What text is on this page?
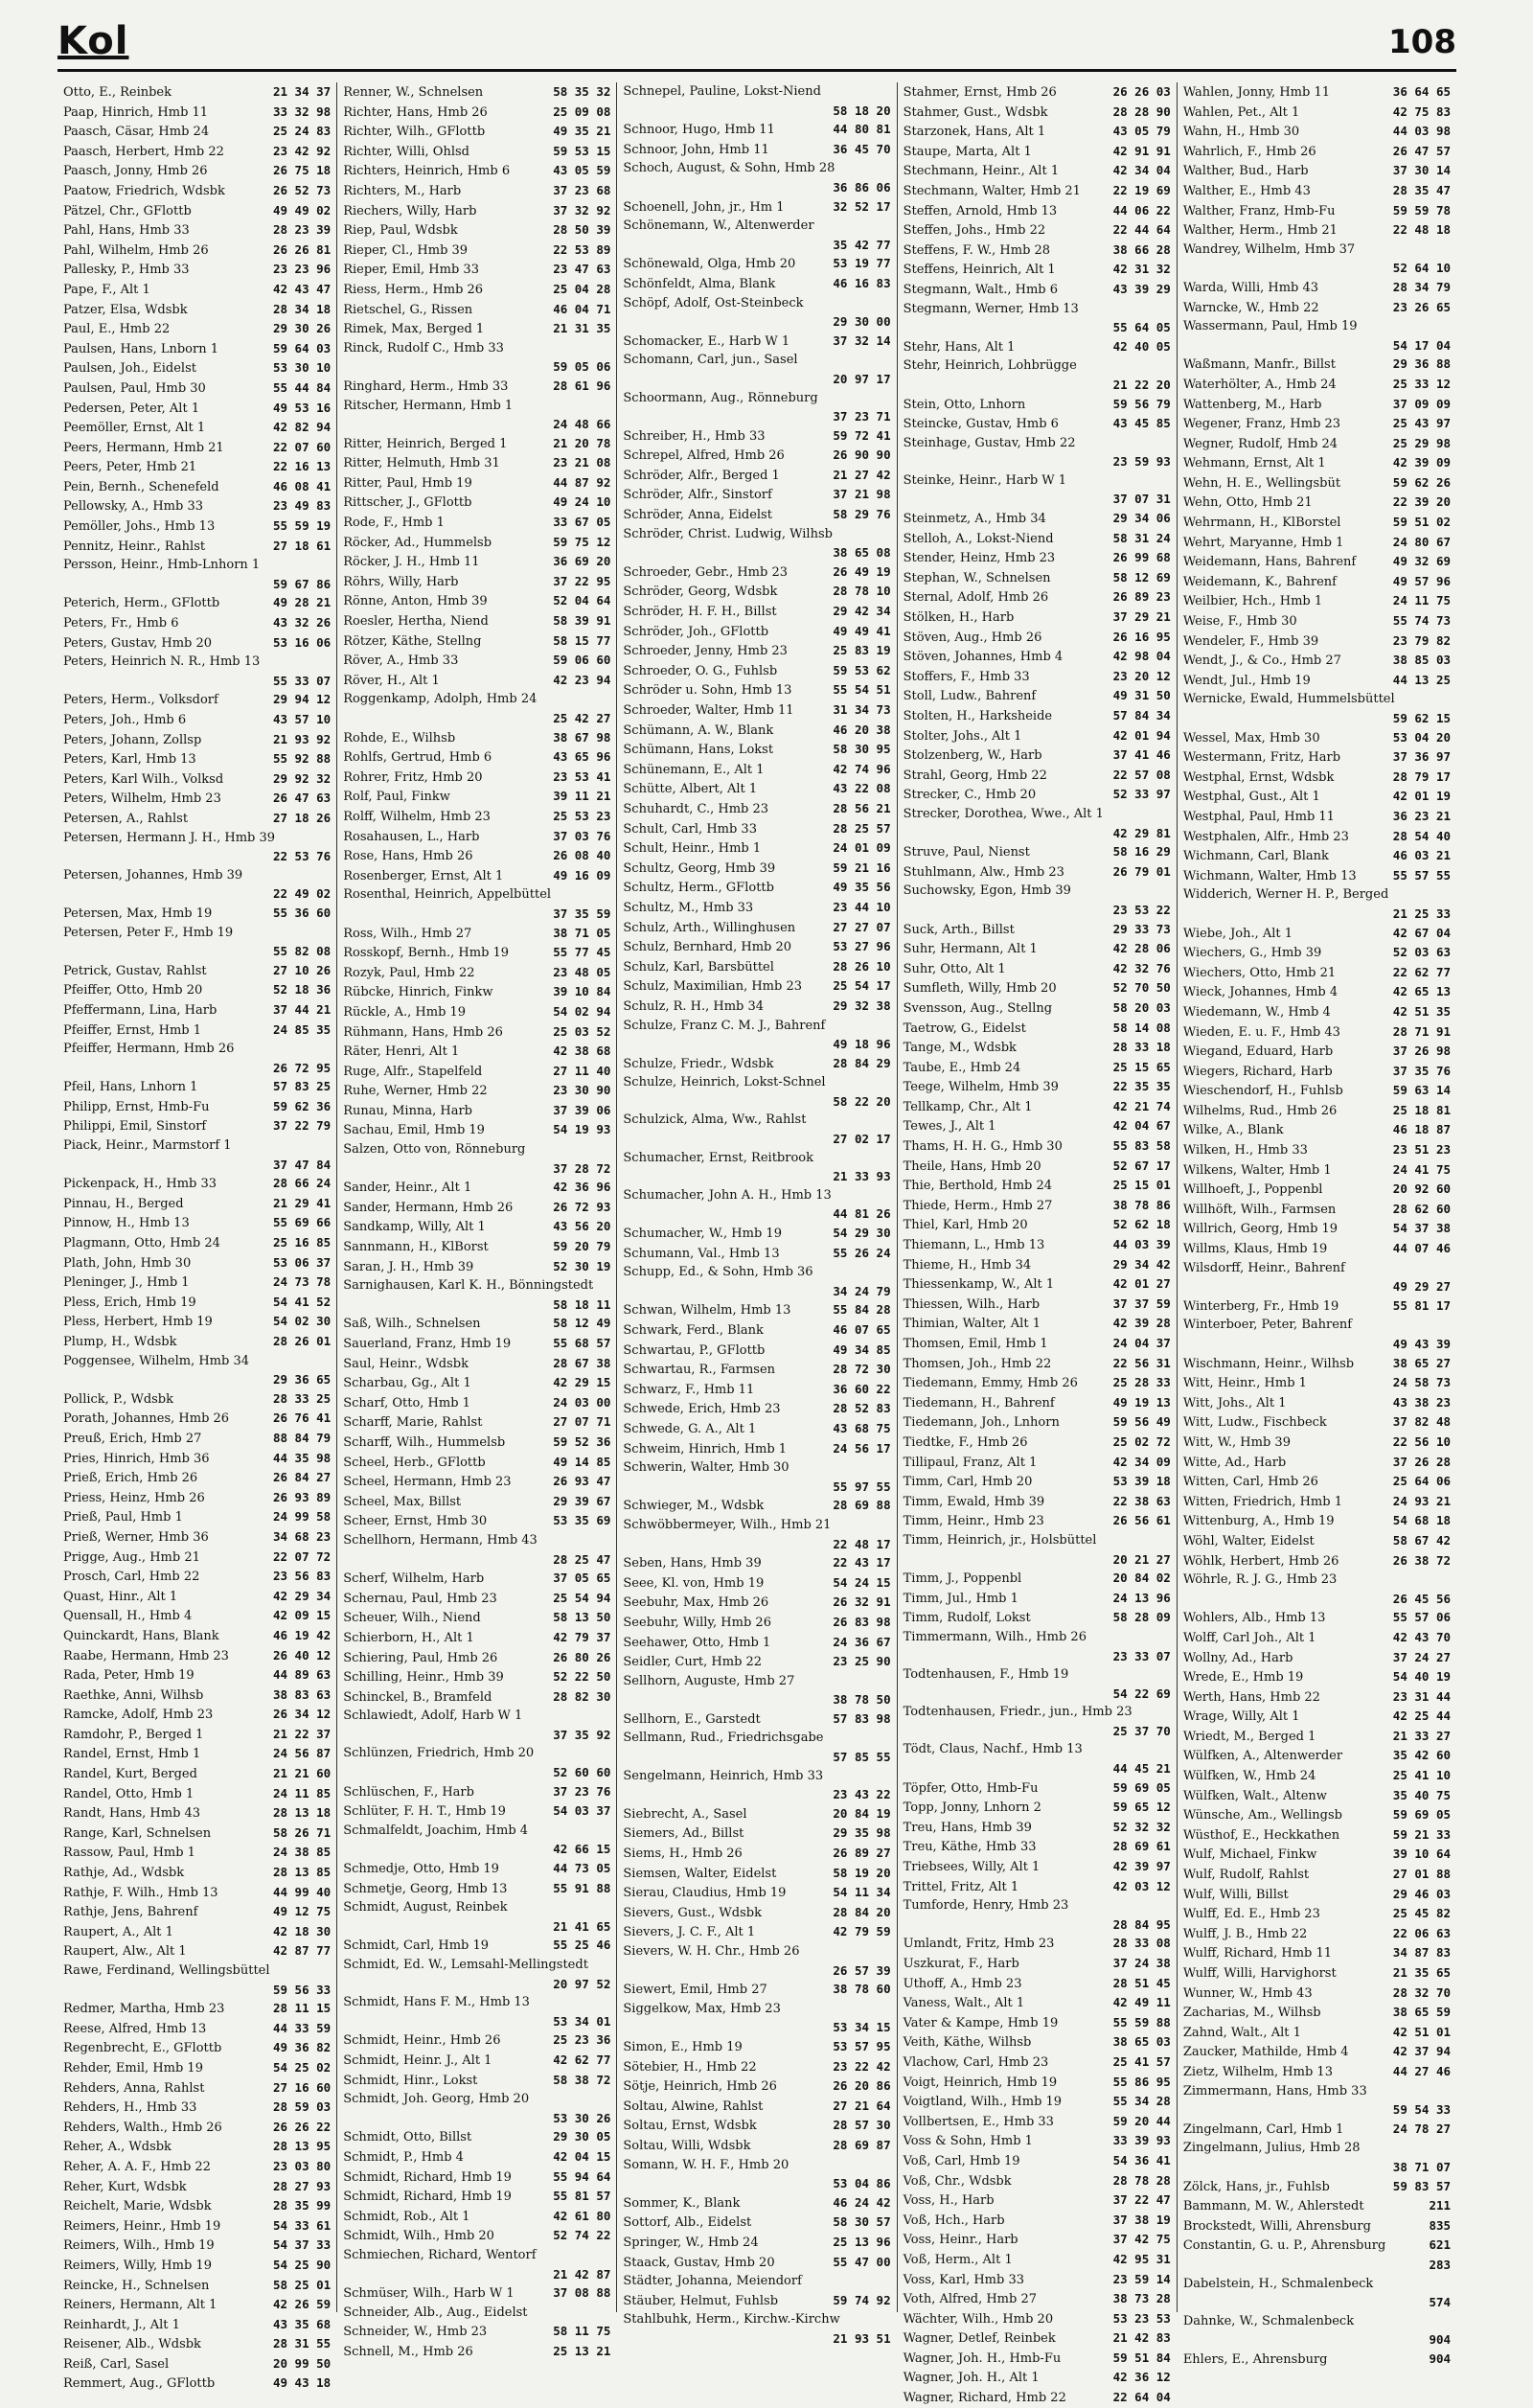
Kol	108
Otto, E., Reinbek	21 34 37
Paap, Hinrich, Hmb 11	33 32 98
Paasch, Cäsar, Hmb 24	25 24 83
Paasch, Herbert, Hmb 22	23 42 92
Paasch, Jonny, Hmb 26	26 75 18
Paatow, Friedrich, Wdsbk	26 52 73
Pätzel, Chr., GFlottb	49 49 02
Pahl, Hans, Hmb 33	28 23 39
Pahl, Wilhelm, Hmb 26	26 26 81
Pallesky, P., Hmb 33	23 23 96
Pape, F., Alt 1	42 43 47
Patzer, Elsa, Wdsbk	28 34 18
Paul, E., Hmb 22	29 30 26
Paulsen, Hans, Lnborn 1	59 64 03
Paulsen, Joh., Eidelst	53 30 10
Paulsen, Paul, Hmb 30	55 44 84
Pedersen, Peter, Alt 1	49 53 16
Peemöller, Ernst, Alt 1	42 82 94
Peers, Hermann, Hmb 21	22 07 60
Peers, Peter, Hmb 21	22 16 13
Pein, Bernh., Schenefeld	46 08 41
Pellowsky, A., Hmb 33	23 49 83
Pemöller, Johs., Hmb 13	55 59 19
Pennitz, Heinr., Rahlst	27 18 61
Persson, Heinr., Hmb-Lnhorn 1
59 67 86
Peterich, Herm., GFlottb	49 28 21
Peters, Fr., Hmb 6	43 32 26
Peters, Gustav, Hmb 20	53 16 06
Peters, Heinrich N. R., Hmb 13
55 33 07
Peters, Herm., Volksdorf	29 94 12
Peters, Joh., Hmb 6	43 57 10
Peters, Johann, Zollsp	21 93 92
Peters, Karl, Hmb 13	55 92 88
Peters, Karl Wilh., Volksd	29 92 32
Peters, Wilhelm, Hmb 23	26 47 63
Petersen, A., Rahlst	27 18 26
Petersen, Hermann J. H., Hmb 39
22 53 76
Petersen, Johannes, Hmb 39
22 49 02
Petersen, Max, Hmb 19	55 36 60
Petersen, Peter F., Hmb 19
55 82 08
Petrick, Gustav, Rahlst	27 10 26
Pfeiffer, Otto, Hmb 20	52 18 36
Pfeffermann, Lina, Harb	37 44 21
Pfeiffer, Ernst, Hmb 1	24 85 35
Pfeiffer, Hermann, Hmb 26
26 72 95
Pfeil, Hans, Lnhorn 1	57 83 25
Philipp, Ernst, Hmb-Fu	59 62 36
Philippi, Emil, Sinstorf	37 22 79
Piack, Heinr., Marmstorf 1
37 47 84
Pickenpack, H., Hmb 33	28 66 24
Pinnau, H., Berged	21 29 41
Pinnow, H., Hmb 13	55 69 66
Plagmann, Otto, Hmb 24	25 16 85
Plath, John, Hmb 30	53 06 37
Pleninger, J., Hmb 1	24 73 78
Pless, Erich, Hmb 19	54 41 52
Pless, Herbert, Hmb 19	54 02 30
Plump, H., Wdsbk	28 26 01
Poggensee, Wilhelm, Hmb 34
29 36 65
Pollick, P., Wdsbk	28 33 25
Porath, Johannes, Hmb 26	26 76 41
Preuß, Erich, Hmb 27	88 84 79
Pries, Hinrich, Hmb 36	44 35 98
Prieß, Erich, Hmb 26	26 84 27
Priess, Heinz, Hmb 26	26 93 89
Prieß, Paul, Hmb 1	24 99 58
Prieß, Werner, Hmb 36	34 68 23
Prigge, Aug., Hmb 21	22 07 72
Prosch, Carl, Hmb 22	23 56 83
Quast, Hinr., Alt 1	42 29 34
Quensall, H., Hmb 4	42 09 15
Quinckardt, Hans, Blank	46 19 42
Raabe, Hermann, Hmb 23	26 40 12
Rada, Peter, Hmb 19	44 89 63
Raethke, Anni, Wilhsb	38 83 63
Ramcke, Adolf, Hmb 23	26 34 12
Ramdohr, P., Berged 1	21 22 37
Randel, Ernst, Hmb 1	24 56 87
Randel, Kurt, Berged	21 21 60
Randel, Otto, Hmb 1	24 11 85
Randt, Hans, Hmb 43	28 13 18
Range, Karl, Schnelsen	58 26 71
Rassow, Paul, Hmb 1	24 38 85
Rathje, Ad., Wdsbk	28 13 85
Rathje, F. Wilh., Hmb 13	44 99 40
Rathje, Jens, Bahrenf	49 12 75
Raupert, A., Alt 1	42 18 30
Raupert, Alw., Alt 1	42 87 77
Rawe, Ferdinand, Wellingsbüttel
59 56 33
Redmer, Martha, Hmb 23	28 11 15
Reese, Alfred, Hmb 13	44 33 59
Regenbrecht, E., GFlottb	49 36 82
Rehder, Emil, Hmb 19	54 25 02
Rehders, Anna, Rahlst	27 16 60
Rehders, H., Hmb 33	28 59 03
Rehders, Walth., Hmb 26	26 26 22
Reher, A., Wdsbk	28 13 95
Reher, A. A. F., Hmb 22	23 03 80
Reher, Kurt, Wdsbk	28 27 93
Reichelt, Marie, Wdsbk	28 35 99
Reimers, Heinr., Hmb 19	54 33 61
Reimers, Wilh., Hmb 19	54 37 33
Reimers, Willy, Hmb 19	54 25 90
Reincke, H., Schnelsen	58 25 01
Reiners, Hermann, Alt 1	42 26 59
Reinhardt, J., Alt 1	43 35 68
Reisener, Alb., Wdsbk	28 31 55
Reiß, Carl, Sasel	20 99 50
Remmert, Aug., GFlottb	49 43 18
Renner, W., Schnelsen	58 35 32
Richter, Hans, Hmb 26	25 09 08
Richter, Wilh., GFlottb	49 35 21
Richter, Willi, Ohlsd	59 53 15
Richters, Heinrich, Hmb 6	43 05 59
Richters, M., Harb	37 23 68
Riechers, Willy, Harb	37 32 92
Riep, Paul, Wdsbk	28 50 39
Rieper, Cl., Hmb 39	22 53 89
Rieper, Emil, Hmb 33	23 47 63
Riess, Herm., Hmb 26	25 04 28
Rietschel, G., Rissen	46 04 71
Rimek, Max, Berged 1	21 31 35
Rinck, Rudolf C., Hmb 33
59 05 06
Ringhard, Herm., Hmb 33	28 61 96
Ritscher, Hermann, Hmb 1
24 48 66
Ritter, Heinrich, Berged 1	21 20 78
Ritter, Helmuth, Hmb 31	23 21 08
Ritter, Paul, Hmb 19	44 87 92
Rittscher, J., GFlottb	49 24 10
Rode, F., Hmb 1	33 67 05
Röcker, Ad., Hummelsb	59 75 12
Röcker, J. H., Hmb 11	36 69 20
Röhrs, Willy, Harb	37 22 95
Rönne, Anton, Hmb 39	52 04 64
Roesler, Hertha, Niend	58 39 91
Rötzer, Käthe, Stellng	58 15 77
Röver, A., Hmb 33	59 06 60
Röver, H., Alt 1	42 23 94
Roggenkamp, Adolph, Hmb 24
25 42 27
Rohde, E., Wilhsb	38 67 98
Rohlfs, Gertrud, Hmb 6	43 65 96
Rohrer, Fritz, Hmb 20	23 53 41
Rolf, Paul, Finkw	39 11 21
Rolff, Wilhelm, Hmb 23	25 53 23
Rosahausen, L., Harb	37 03 76
Rose, Hans, Hmb 26	26 08 40
Rosenberger, Ernst, Alt 1	49 16 09
Rosenthal, Heinrich, Appelbüttel
37 35 59
Ross, Wilh., Hmb 27	38 71 05
Rosskopf, Bernh., Hmb 19	55 77 45
Rozyk, Paul, Hmb 22	23 48 05
Rübcke, Hinrich, Finkw	39 10 84
Rückle, A., Hmb 19	54 02 94
Rühmann, Hans, Hmb 26	25 03 52
Räter, Henri, Alt 1	42 38 68
Ruge, Alfr., Stapelfeld	27 11 40
Ruhe, Werner, Hmb 22	23 30 90
Runau, Minna, Harb	37 39 06
Sachau, Emil, Hmb 19	54 19 93
Salzen, Otto von, Rönneburg
37 28 72
Sander, Heinr., Alt 1	42 36 96
Sander, Hermann, Hmb 26	26 72 93
Sandkamp, Willy, Alt 1	43 56 20
Sannmann, H., KlBorst	59 20 79
Saran, J. H., Hmb 39	52 30 19
Sarnighausen, Karl K. H., Bönningstedt
58 18 11
Saß, Wilh., Schnelsen	58 12 49
Sauerland, Franz, Hmb 19	55 68 57
Saul, Heinr., Wdsbk	28 67 38
Scharbau, Gg., Alt 1	42 29 15
Scharf, Otto, Hmb 1	24 03 00
Scharff, Marie, Rahlst	27 07 71
Scharff, Wilh., Hummelsb	59 52 36
Scheel, Herb., GFlottb	49 14 85
Scheel, Hermann, Hmb 23	26 93 47
Scheel, Max, Billst	29 39 67
Scheer, Ernst, Hmb 30	53 35 69
Schellhorn, Hermann, Hmb 43
28 25 47
Scherf, Wilhelm, Harb	37 05 65
Schernau, Paul, Hmb 23	25 54 94
Scheuer, Wilh., Niend	58 13 50
Schierborn, H., Alt 1	42 79 37
Schiering, Paul, Hmb 26	26 80 26
Schilling, Heinr., Hmb 39	52 22 50
Schinckel, B., Bramfeld	28 82 30
Schlawiedt, Adolf, Harb W 1
37 35 92
Schlünzen, Friedrich, Hmb 20
52 60 60
Schlüschen, F., Harb	37 23 76
Schlüter, F. H. T., Hmb 19	54 03 37
Schmalfeldt, Joachim, Hmb 4
42 66 15
Schmedje, Otto, Hmb 19	44 73 05
Schmetje, Georg, Hmb 13	55 91 88
Schmidt, August, Reinbek
21 41 65
Schmidt, Carl, Hmb 19	55 25 46
Schmidt, Ed. W., Lemsahl-Mellingstedt
20 97 52
Schmidt, Hans F. M., Hmb 13
53 34 01
Schmidt, Heinr., Hmb 26	25 23 36
Schmidt, Heinr. J., Alt 1	42 62 77
Schmidt, Hinr., Lokst	58 38 72
Schmidt, Joh. Georg, Hmb 20
53 30 26
Schmidt, Otto, Billst	29 30 05
Schmidt, P., Hmb 4	42 04 15
Schmidt, Richard, Hmb 19	55 94 64
Schmidt, Richard, Hmb 19	55 81 57
Schmidt, Rob., Alt 1	42 61 80
Schmidt, Wilh., Hmb 20	52 74 22
Schmiechen, Richard, Wentorf
21 42 87
Schmüser, Wilh., Harb W 1	37 08 88
Schneider, Alb., Aug., Eidelst
Schneider, W., Hmb 23	58 11 75
Schnell, M., Hmb 26	25 13 21
Schnepel, Pauline, Lokst-Niend
58 18 20
Schnoor, Hugo, Hmb 11	44 80 81
Schnoor, John, Hmb 11	36 45 70
Schoch, August, & Sohn, Hmb 28
36 86 06
Schoenell, John, jr., Hm 1	32 52 17
Schönemann, W., Altenwerder
35 42 77
Schönewald, Olga, Hmb 20	53 19 77
Schönfeldt, Alma, Blank	46 16 83
Schöpf, Adolf, Ost-Steinbeck
29 30 00
Schomacker, E., Harb W 1	37 32 14
Schomann, Carl, jun., Sasel
20 97 17
Schoormann, Aug., Rönneburg
37 23 71
Schreiber, H., Hmb 33	59 72 41
Schrepel, Alfred, Hmb 26	26 90 90
Schröder, Alfr., Berged 1	21 27 42
Schröder, Alfr., Sinstorf	37 21 98
Schröder, Anna, Eidelst	58 29 76
Schröder, Christ. Ludwig, Wilhsb
38 65 08
Schroeder, Gebr., Hmb 23	26 49 19
Schröder, Georg, Wdsbk	28 78 10
Schröder, H. F. H., Billst	29 42 34
Schröder, Joh., GFlottb	49 49 41
Schroeder, Jenny, Hmb 23	25 83 19
Schroeder, O. G., Fuhlsb	59 53 62
Schröder u. Sohn, Hmb 13	55 54 51
Schroeder, Walter, Hmb 11	31 34 73
Schümann, A. W., Blank	46 20 38
Schümann, Hans, Lokst	58 30 95
Schünemann, E., Alt 1	42 74 96
Schütte, Albert, Alt 1	43 22 08
Schuhardt, C., Hmb 23	28 56 21
Schult, Carl, Hmb 33	28 25 57
Schult, Heinr., Hmb 1	24 01 09
Schultz, Georg, Hmb 39	59 21 16
Schultz, Herm., GFlottb	49 35 56
Schultz, M., Hmb 33	23 44 10
Schulz, Arth., Willinghusen	27 27 07
Schulz, Bernhard, Hmb 20	53 27 96
Schulz, Karl, Barsbüttel	28 26 10
Schulz, Maximilian, Hmb 23	25 54 17
Schulz, R. H., Hmb 34	29 32 38
Schulze, Franz C. M. J., Bahrenf
49 18 96
Schulze, Friedr., Wdsbk	28 84 29
Schulze, Heinrich, Lokst-Schnel
58 22 20
Schulzick, Alma, Ww., Rahlst
27 02 17
Schumacher, Ernst, Reitbrook
21 33 93
Schumacher, John A. H., Hmb 13
44 81 26
Schumacher, W., Hmb 19	54 29 30
Schumann, Val., Hmb 13	55 26 24
Schupp, Ed., & Sohn, Hmb 36
34 24 79
Schwan, Wilhelm, Hmb 13	55 84 28
Schwark, Ferd., Blank	46 07 65
Schwartau, P., GFlottb	49 34 85
Schwartau, R., Farmsen	28 72 30
Schwarz, F., Hmb 11	36 60 22
Schwede, Erich, Hmb 23	28 52 83
Schwede, G. A., Alt 1	43 68 75
Schweim, Hinrich, Hmb 1	24 56 17
Schwerin, Walter, Hmb 30
55 97 55
Schwieger, M., Wdsbk	28 69 88
Schwöbbermeyer, Wilh., Hmb 21
22 48 17
Seben, Hans, Hmb 39	22 43 17
Seee, Kl. von, Hmb 19	54 24 15
Seebuhr, Max, Hmb 26	26 32 91
Seebuhr, Willy, Hmb 26	26 83 98
Seehawer, Otto, Hmb 1	24 36 67
Seidler, Curt, Hmb 22	23 25 90
Sellhorn, Auguste, Hmb 27
38 78 50
Sellhorn, E., Garstedt	57 83 98
Sellmann, Rud., Friedrichsgabe
57 85 55
Sengelmann, Heinrich, Hmb 33
23 43 22
Siebrecht, A., Sasel	20 84 19
Siemers, Ad., Billst	29 35 98
Siems, H., Hmb 26	26 89 27
Siemsen, Walter, Eidelst	58 19 20
Sierau, Claudius, Hmb 19	54 11 34
Sievers, Gust., Wdsbk	28 84 20
Sievers, J. C. F., Alt 1	42 79 59
Sievers, W. H. Chr., Hmb 26
26 57 39
Siewert, Emil, Hmb 27	38 78 60
Siggelkow, Max, Hmb 23
53 34 15
Simon, E., Hmb 19	53 57 95
Sötebier, H., Hmb 22	23 22 42
Sötje, Heinrich, Hmb 26	26 20 86
Soltau, Alwine, Rahlst	27 21 64
Soltau, Ernst, Wdsbk	28 57 30
Soltau, Willi, Wdsbk	28 69 87
Somann, W. H. F., Hmb 20
53 04 86
Sommer, K., Blank	46 24 42
Sottorf, Alb., Eidelst	58 30 57
Springer, W., Hmb 24	25 13 96
Staack, Gustav, Hmb 20	55 47 00
Städter, Johanna, Meiendorf
Stäuber, Helmut, Fuhlsb	59 74 92
Stahlbuhk, Herm., Kirchw.-Kirchw
21 93 51
Stahmer, Ernst, Hmb 26	26 26 03
Stahmer, Gust., Wdsbk	28 28 90
Starzonek, Hans, Alt 1	43 05 79
Staupe, Marta, Alt 1	42 91 91
Stechmann, Heinr., Alt 1	42 34 04
Stechmann, Walter, Hmb 21	22 19 69
Steffen, Arnold, Hmb 13	44 06 22
Steffen, Johs., Hmb 22	22 44 64
Steffens, F. W., Hmb 28	38 66 28
Steffens, Heinrich, Alt 1	42 31 32
Stegmann, Walt., Hmb 6	43 39 29
Stegmann, Werner, Hmb 13
55 64 05
Stehr, Hans, Alt 1	42 40 05
Stehr, Heinrich, Lohbrügge
21 22 20
Stein, Otto, Lnhorn	59 56 79
Steincke, Gustav, Hmb 6	43 45 85
Steinhage, Gustav, Hmb 22
23 59 93
Steinke, Heinr., Harb W 1
37 07 31
Steinmetz, A., Hmb 34	29 34 06
Stelloh, A., Lokst-Niend	58 31 24
Stender, Heinz, Hmb 23	26 99 68
Stephan, W., Schnelsen	58 12 69
Sternal, Adolf, Hmb 26	26 89 23
Stölken, H., Harb	37 29 21
Stöven, Aug., Hmb 26	26 16 95
Stöven, Johannes, Hmb 4	42 98 04
Stoffers, F., Hmb 33	23 20 12
Stoll, Ludw., Bahrenf	49 31 50
Stolten, H., Harksheide	57 84 34
Stolter, Johs., Alt 1	42 01 94
Stolzenberg, W., Harb	37 41 46
Strahl, Georg, Hmb 22	22 57 08
Strecker, C., Hmb 20	52 33 97
Strecker, Dorothea, Wwe., Alt 1
42 29 81
Struve, Paul, Nienst	58 16 29
Stuhlmann, Alw., Hmb 23	26 79 01
Suchowsky, Egon, Hmb 39
23 53 22
Suck, Arth., Billst	29 33 73
Suhr, Hermann, Alt 1	42 28 06
Suhr, Otto, Alt 1	42 32 76
Sumfleth, Willy, Hmb 20	52 70 50
Svensson, Aug., Stellng	58 20 03
Taetrow, G., Eidelst	58 14 08
Tange, M., Wdsbk	28 33 18
Taube, E., Hmb 24	25 15 65
Teege, Wilhelm, Hmb 39	22 35 35
Tellkamp, Chr., Alt 1	42 21 74
Tewes, J., Alt 1	42 04 67
Thams, H. H. G., Hmb 30	55 83 58
Theile, Hans, Hmb 20	52 67 17
Thie, Berthold, Hmb 24	25 15 01
Thiede, Herm., Hmb 27	38 78 86
Thiel, Karl, Hmb 20	52 62 18
Thiemann, L., Hmb 13	44 03 39
Thieme, H., Hmb 34	29 34 42
Thiessenkamp, W., Alt 1	42 01 27
Thiessen, Wilh., Harb	37 37 59
Thimian, Walter, Alt 1	42 39 28
Thomsen, Emil, Hmb 1	24 04 37
Thomsen, Joh., Hmb 22	22 56 31
Tiedemann, Emmy, Hmb 26	25 28 33
Tiedemann, H., Bahrenf	49 19 13
Tiedemann, Joh., Lnhorn	59 56 49
Tiedtke, F., Hmb 26	25 02 72
Tillipaul, Franz, Alt 1	42 34 09
Timm, Carl, Hmb 20	53 39 18
Timm, Ewald, Hmb 39	22 38 63
Timm, Heinr., Hmb 23	26 56 61
Timm, Heinrich, jr., Holsbüttel
20 21 27
Timm, J., Poppenbl	20 84 02
Timm, Jul., Hmb 1	24 13 96
Timm, Rudolf, Lokst	58 28 09
Timmermann, Wilh., Hmb 26
23 33 07
Todtenhausen, F., Hmb 19
54 22 69
Todtenhausen, Friedr., jun., Hmb 23
25 37 70
Tödt, Claus, Nachf., Hmb 13
44 45 21
Töpfer, Otto, Hmb-Fu	59 69 05
Topp, Jonny, Lnhorn 2	59 65 12
Treu, Hans, Hmb 39	52 32 32
Treu, Käthe, Hmb 33	28 69 61
Triebsees, Willy, Alt 1	42 39 97
Trittel, Fritz, Alt 1	42 03 12
Tumforde, Henry, Hmb 23
28 84 95
Umlandt, Fritz, Hmb 23	28 33 08
Uszkurat, F., Harb	37 24 38
Uthoff, A., Hmb 23	28 51 45
Vaness, Walt., Alt 1	42 49 11
Vater & Kampe, Hmb 19	55 59 88
Veith, Käthe, Wilhsb	38 65 03
Vlachow, Carl, Hmb 23	25 41 57
Voigt, Heinrich, Hmb 19	55 86 95
Voigtland, Wilh., Hmb 19	55 34 28
Vollbertsen, E., Hmb 33	59 20 44
Voss & Sohn, Hmb 1	33 39 93
Voß, Carl, Hmb 19	54 36 41
Voß, Chr., Wdsbk	28 78 28
Voss, H., Harb	37 22 47
Voß, Hch., Harb	37 38 19
Voss, Heinr., Harb	37 42 75
Voß, Herm., Alt 1	42 95 31
Voss, Karl, Hmb 33	23 59 14
Voth, Alfred, Hmb 27	38 73 28
Wächter, Wilh., Hmb 20	53 23 53
Wagner, Detlef, Reinbek	21 42 83
Wagner, Joh. H., Hmb-Fu	59 51 84
Wagner, Joh. H., Alt 1	42 36 12
Wagner, Richard, Hmb 22	22 64 04
Wahlen, Jonny, Hmb 11	36 64 65
Wahlen, Pet., Alt 1	42 75 83
Wahn, H., Hmb 30	44 03 98
Wahrlich, F., Hmb 26	26 47 57
Walther, Bud., Harb	37 30 14
Walther, E., Hmb 43	28 35 47
Walther, Franz, Hmb-Fu	59 59 78
Walther, Herm., Hmb 21	22 48 18
Wandrey, Wilhelm, Hmb 37
52 64 10
Warda, Willi, Hmb 43	28 34 79
Warncke, W., Hmb 22	23 26 65
Wassermann, Paul, Hmb 19
54 17 04
Waßmann, Manfr., Billst	29 36 88
Waterhölter, A., Hmb 24	25 33 12
Wattenberg, M., Harb	37 09 09
Wegener, Franz, Hmb 23	25 43 97
Wegner, Rudolf, Hmb 24	25 29 98
Wehmann, Ernst, Alt 1	42 39 09
Wehn, H. E., Wellingsbüt	59 62 26
Wehn, Otto, Hmb 21	22 39 20
Wehrmann, H., KlBorstel	59 51 02
Wehrt, Maryanne, Hmb 1	24 80 67
Weidemann, Hans, Bahrenf	49 32 69
Weidemann, K., Bahrenf	49 57 96
Weilbier, Hch., Hmb 1	24 11 75
Weise, F., Hmb 30	55 74 73
Wendeler, F., Hmb 39	23 79 82
Wendt, J., & Co., Hmb 27	38 85 03
Wendt, Jul., Hmb 19	44 13 25
Wernicke, Ewald, Hummelsbüttel
59 62 15
Wessel, Max, Hmb 30	53 04 20
Westermann, Fritz, Harb	37 36 97
Westphal, Ernst, Wdsbk	28 79 17
Westphal, Gust., Alt 1	42 01 19
Westphal, Paul, Hmb 11	36 23 21
Westphalen, Alfr., Hmb 23	28 54 40
Wichmann, Carl, Blank	46 03 21
Wichmann, Walter, Hmb 13	55 57 55
Widderich, Werner H. P., Berged
21 25 33
Wiebe, Joh., Alt 1	42 67 04
Wiechers, G., Hmb 39	52 03 63
Wiechers, Otto, Hmb 21	22 62 77
Wieck, Johannes, Hmb 4	42 65 13
Wiedemann, W., Hmb 4	42 51 35
Wieden, E. u. F., Hmb 43	28 71 91
Wiegand, Eduard, Harb	37 26 98
Wiegers, Richard, Harb	37 35 76
Wieschendorf, H., Fuhlsb	59 63 14
Wilhelms, Rud., Hmb 26	25 18 81
Wilke, A., Blank	46 18 87
Wilken, H., Hmb 33	23 51 23
Wilkens, Walter, Hmb 1	24 41 75
Willhoeft, J., Poppenbl	20 92 60
Willhöft, Wilh., Farmsen	28 62 60
Willrich, Georg, Hmb 19	54 37 38
Willms, Klaus, Hmb 19	44 07 46
Wilsdorff, Heinr., Bahrenf
49 29 27
Winterberg, Fr., Hmb 19	55 81 17
Winterboer, Peter, Bahrenf
49 43 39
Wischmann, Heinr., Wilhsb	38 65 27
Witt, Heinr., Hmb 1	24 58 73
Witt, Johs., Alt 1	43 38 23
Witt, Ludw., Fischbeck	37 82 48
Witt, W., Hmb 39	22 56 10
Witte, Ad., Harb	37 26 28
Witten, Carl, Hmb 26	25 64 06
Witten, Friedrich, Hmb 1	24 93 21
Wittenburg, A., Hmb 19	54 68 18
Wöhl, Walter, Eidelst	58 67 42
Wöhlk, Herbert, Hmb 26	26 38 72
Wöhrle, R. J. G., Hmb 23
26 45 56
Wohlers, Alb., Hmb 13	55 57 06
Wolff, Carl Joh., Alt 1	42 43 70
Wollny, Ad., Harb	37 24 27
Wrede, E., Hmb 19	54 40 19
Werth, Hans, Hmb 22	23 31 44
Wrage, Willy, Alt 1	42 25 44
Wriedt, M., Berged 1	21 33 27
Wülfken, A., Altenwerder	35 42 60
Wülfken, W., Hmb 24	25 41 10
Wülfken, Walt., Altenw	35 40 75
Wünsche, Am., Wellingsb	59 69 05
Wüsthof, E., Heckkathen	59 21 33
Wulf, Michael, Finkw	39 10 64
Wulf, Rudolf, Rahlst	27 01 88
Wulf, Willi, Billst	29 46 03
Wulff, Ed. E., Hmb 23	25 45 82
Wulff, J. B., Hmb 22	22 06 63
Wulff, Richard, Hmb 11	34 87 83
Wulff, Willi, Harvighorst	21 35 65
Wunner, W., Hmb 43	28 32 70
Zacharias, M., Wilhsb	38 65 59
Zahnd, Walt., Alt 1	42 51 01
Zaucker, Mathilde, Hmb 4	42 37 94
Zietz, Wilhelm, Hmb 13	44 27 46
Zimmermann, Hans, Hmb 33
59 54 33
Zingelmann, Carl, Hmb 1	24 78 27
Zingelmann, Julius, Hmb 28
38 71 07
Zölck, Hans, jr., Fuhlsb	59 83 57
Bammann, M. W., Ahlerstedt	211
Brockstedt, Willi, Ahrensburg	835
Constantin, G. u. P., Ahrensburg	621
283
Dabelstein, H., Schmalenbeck
574
Dahnke, W., Schmalenbeck
904
Ehlers, E., Ahrensburg	904
